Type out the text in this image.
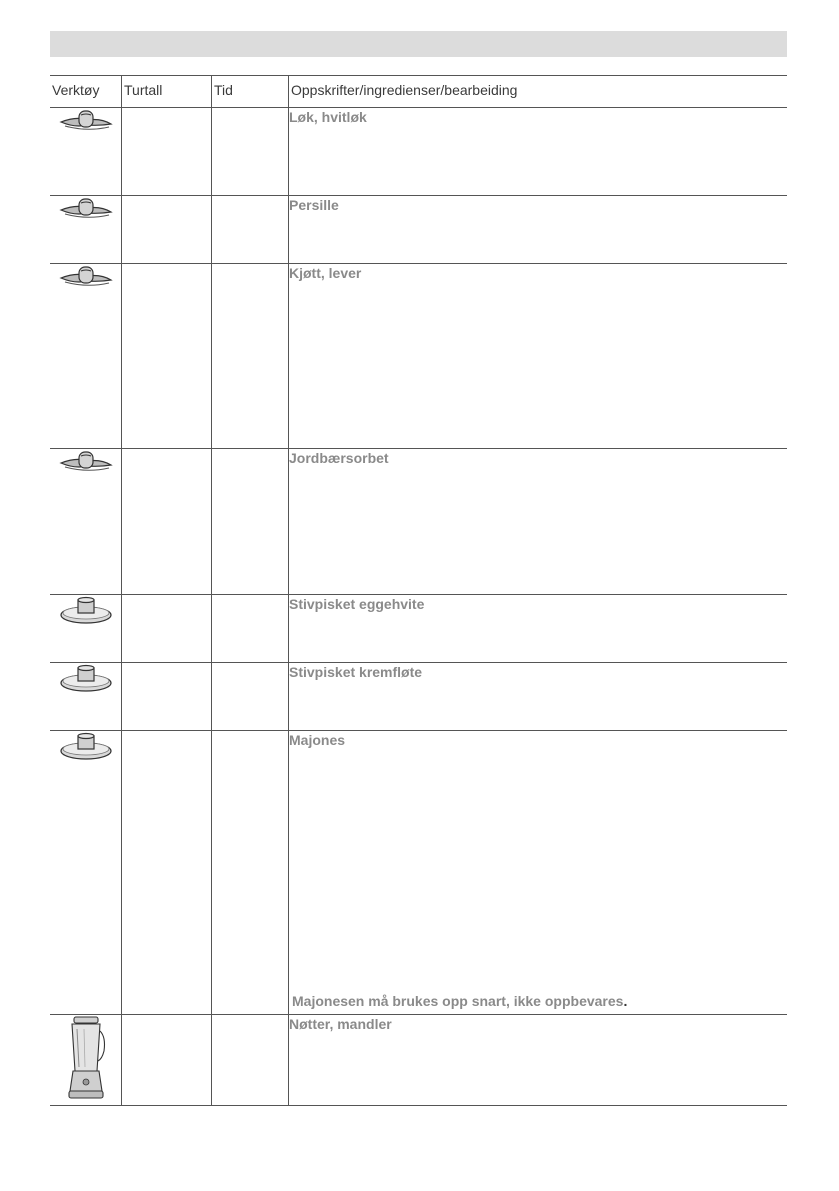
Verktøy	Turtall	Tid	Oppskrifter/ingredienser/bearbeiding

Løk, hvitløk

Persille

Kjøtt, lever

Jordbærsorbet

Stivpisket eggehvite

Stivpisket kremfløte

Majones
Majonesen må brukes opp snart, ikke oppbevares.

Nøtter, mandler
